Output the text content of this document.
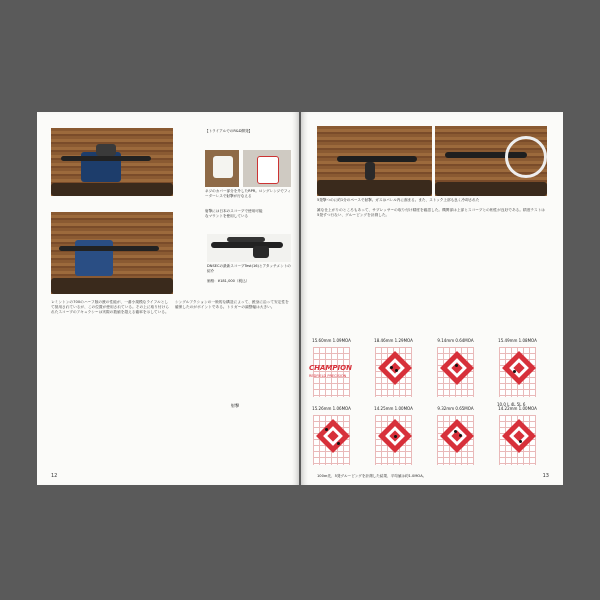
【トライアルでのR&D開発】
ネジのカバー部分を外したRPR。ロングレンジでフィーダーレスで射撃が行なえる
射撃には日本のスコープで使用可能なマウントを使用している
DNSECの最新スコープTest(16)とアタッチメントの紹介
価格：¥181,000（税込）
レミントンの700のハーフ版の銃の性能が、一番小規模なライフルとして採用されているが、この位置が使用されている。その上に取り付けられたスコープのアキュラシーは実際の数値を超える確率を示している。
シングルアクションの一般的な構造によって、銃身に沿って安定性を確保したのがポイントである。トリガーの調整幅は大きい。
射撃
12
5発撃つのに約1分のペースで射撃。ガスはバレル内に溜まる。また、ストック上部も良く冷却された
雑な仕上がりのところもあって、サプレッサーの取り付け精度を確認した。機関部は上部とスコープとの相性が良好である。精度テストは5発ずつ行ない、グルーピングを計測した。
15.60mm 1.09MOA
CHAMPION
REDFIELD PRECISION
18.46mm 1.29MOA	9.14mm 0.64MOA	15.49mm 1.08MOA
15.26mm 1.06MOA	14.25mm 1.00MOA	9.32mm 0.65MOA	14.22mm 1.00MOA
10.0 L 4L 5L 6
100ｍ先、5発グルーピングを計測した結果、平均値は約1.0MOA。	13
